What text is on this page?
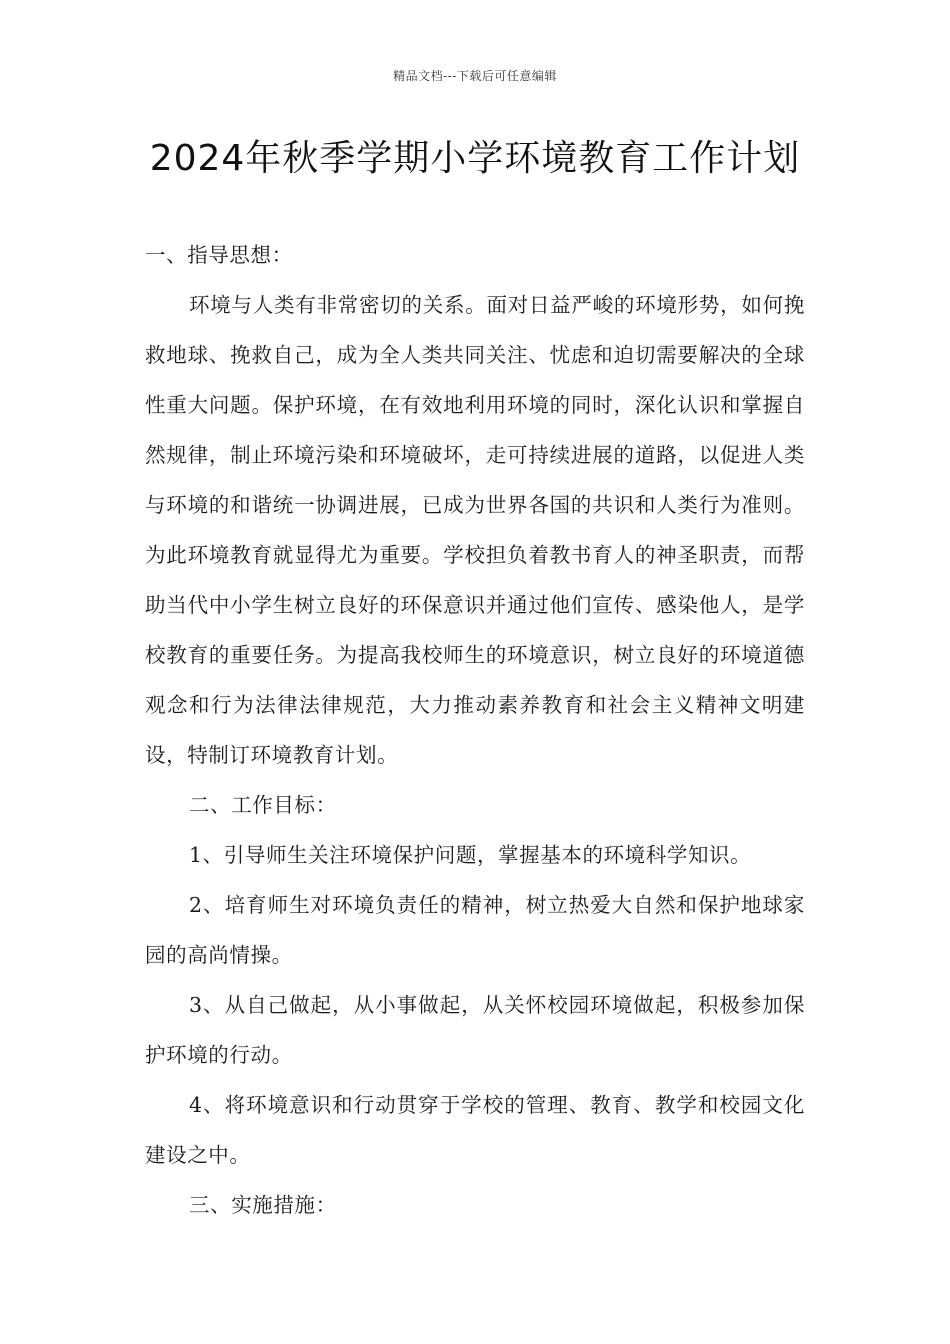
精品文档---下载后可任意编辑
2024年秋季学期小学环境教育工作计划

一、指导思想：

环境与人类有非常密切的关系。面对日益严峻的环境形势，如何挽救地球、挽救自己，成为全人类共同关注、忧虑和迫切需要解决的全球性重大问题。保护环境，在有效地利用环境的同时，深化认识和掌握自然规律，制止环境污染和环境破坏，走可持续进展的道路，以促进人类与环境的和谐统一协调进展，已成为世界各国的共识和人类行为准则。为此环境教育就显得尤为重要。学校担负着教书育人的神圣职责，而帮助当代中小学生树立良好的环保意识并通过他们宣传、感染他人，是学校教育的重要任务。为提高我校师生的环境意识，树立良好的环境道德观念和行为法律法律规范，大力推动素养教育和社会主义精神文明建设，特制订环境教育计划。

二、工作目标：

1、引导师生关注环境保护问题，掌握基本的环境科学知识。

2、培育师生对环境负责任的精神，树立热爱大自然和保护地球家园的高尚情操。

3、从自己做起，从小事做起，从关怀校园环境做起，积极参加保护环境的行动。

4、将环境意识和行动贯穿于学校的管理、教育、教学和校园文化建设之中。

三、实施措施：
